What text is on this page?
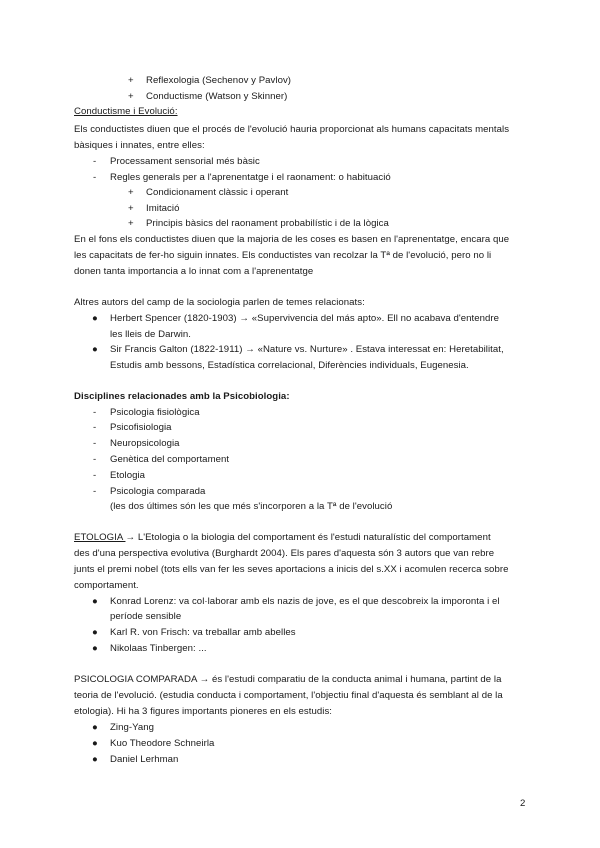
+ Reflexologia (Sechenov y Pavlov)
+ Conductisme (Watson y Skinner)
Conductisme i Evolució:
Els conductistes diuen que el procés de l'evolució hauria proporcionat als humans capacitats mentals
bàsiques i innates, entre elles:
- Processament sensorial més bàsic
- Regles generals per a l'aprenentatge i el raonament: o habituació
+ Condicionament clàssic i operant
+ Imitació
+ Principis bàsics del raonament probabilístic i de la lògica
En el fons els conductistes diuen que la majoria de les coses es basen en l'aprenentatge, encara que
les capacitats de fer-ho siguin innates. Els conductistes van recolzar la Tª de l'evolució, pero no li
donen tanta importancia a lo innat com a l'aprenentatge
Altres autors del camp de la sociologia parlen de temes relacionats:
● Herbert Spencer (1820-1903) → «Supervivencia del más apto». Ell no acabava d'entendre
les lleis de Darwin.
● Sir Francis Galton (1822-1911) → «Nature vs. Nurture» . Estava interessat en: Heretabilitat,
Estudis amb bessons, Estadística correlacional, Diferències individuals, Eugenesia.
Disciplines relacionades amb la Psicobiologia:
- Psicologia fisiològica
- Psicofisiologia
- Neuropsicologia
- Genètica del comportament
- Etologia
- Psicologia comparada
(les dos últimes són les que més s'incorporen a la Tª de l'evolució
ETOLOGIA → L'Etologia o la biologia del comportament és l'estudi naturalístic del comportament
des d'una perspectiva evolutiva (Burghardt 2004). Els pares d'aquesta són 3 autors que van rebre
junts el premi nobel (tots ells van fer les seves aportacions a inicis del s.XX i acomulen recerca sobre
comportament.
● Konrad Lorenz: va col·laborar amb els nazis de jove, es el que descobreix la imporonta i el
període sensible
● Karl R. von Frisch: va treballar amb abelles
● Nikolaas Tinbergen: ...
PSICOLOGIA COMPARADA → és l'estudi comparatiu de la conducta animal i humana, partint de la
teoria de l'evolució. (estudia conducta i comportament, l'objectiu final d'aquesta és semblant al de la
etologia). Hi ha 3 figures importants pioneres en els estudis:
● Zing-Yang
● Kuo Theodore Schneirla
● Daniel Lerhman
2
